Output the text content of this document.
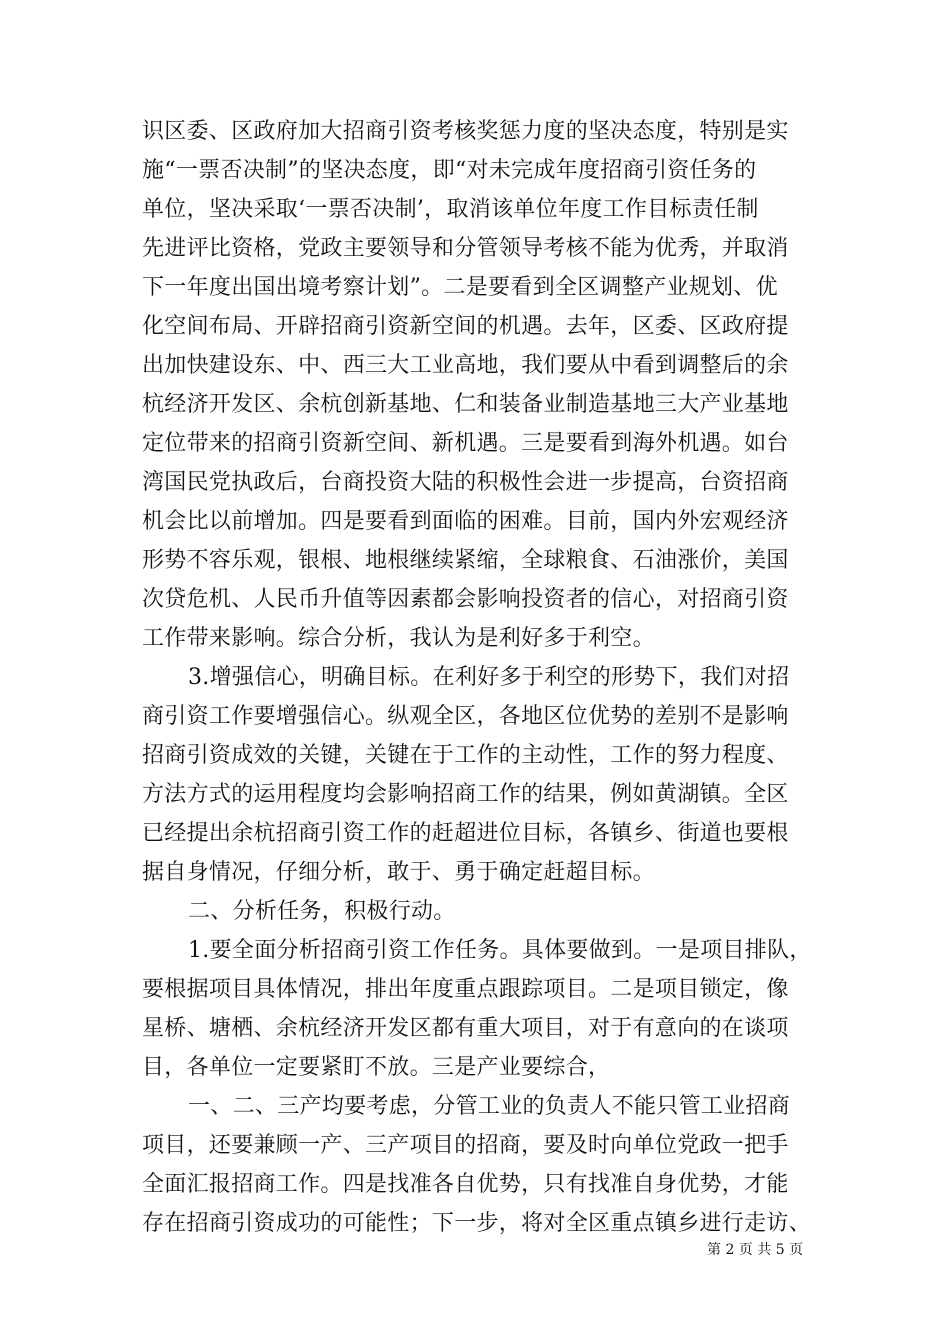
识区委、区政府加大招商引资考核奖惩力度的坚决态度，特别是实
施“一票否决制”的坚决态度，即“对未完成年度招商引资任务的
单位，坚决采取‘一票否决制’，取消该单位年度工作目标责任制
先进评比资格，党政主要领导和分管领导考核不能为优秀，并取消
下一年度出国出境考察计划”。二是要看到全区调整产业规划、优
化空间布局、开辟招商引资新空间的机遇。去年，区委、区政府提
出加快建设东、中、西三大工业高地，我们要从中看到调整后的余
杭经济开发区、余杭创新基地、仁和装备业制造基地三大产业基地
定位带来的招商引资新空间、新机遇。三是要看到海外机遇。如台
湾国民党执政后，台商投资大陆的积极性会进一步提高，台资招商
机会比以前增加。四是要看到面临的困难。目前，国内外宏观经济
形势不容乐观，银根、地根继续紧缩，全球粮食、石油涨价，美国
次贷危机、人民币升值等因素都会影响投资者的信心，对招商引资
工作带来影响。综合分析，我认为是利好多于利空。
3.增强信心，明确目标。在利好多于利空的形势下，我们对招
商引资工作要增强信心。纵观全区，各地区位优势的差别不是影响
招商引资成效的关键，关键在于工作的主动性，工作的努力程度、
方法方式的运用程度均会影响招商工作的结果，例如黄湖镇。全区
已经提出余杭招商引资工作的赶超进位目标，各镇乡、街道也要根
据自身情况，仔细分析，敢于、勇于确定赶超目标。
二、分析任务，积极行动。
1.要全面分析招商引资工作任务。具体要做到。一是项目排队，
要根据项目具体情况，排出年度重点跟踪项目。二是项目锁定，像
星桥、塘栖、余杭经济开发区都有重大项目，对于有意向的在谈项
目，各单位一定要紧盯不放。三是产业要综合，
一、二、三产均要考虑，分管工业的负责人不能只管工业招商
项目，还要兼顾一产、三产项目的招商，要及时向单位党政一把手
全面汇报招商工作。四是找准各自优势，只有找准自身优势，才能
存在招商引资成功的可能性；下一步，将对全区重点镇乡进行走访、
第 2 页 共 5 页
